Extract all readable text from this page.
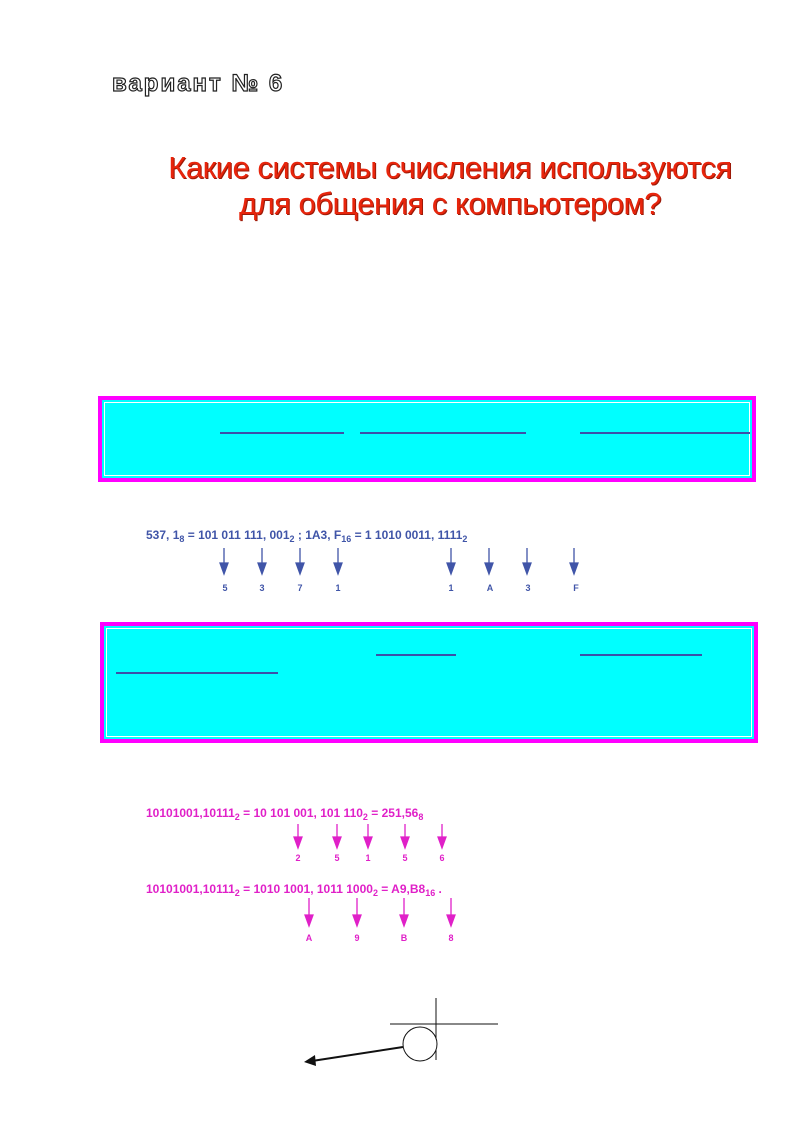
вариант № 6
Какие системы счисления используются
для общения с компьютером?
537, $1_8 = 101$ 011 111, $001_2$ ; 1A3, $F_{16} = 1$ 1010 0011, $1111_2$
5	3	7	1	1	A	3	F
$10101001,10111_2 = 10$ 101 001, 101 $110_2 = 251,56_8$
2	5	1	5	6
$10101001,10111_2 = 1010$ 1001, 1011 $1000_2 = A9,B8_{16}$ .
A	9	B	8
